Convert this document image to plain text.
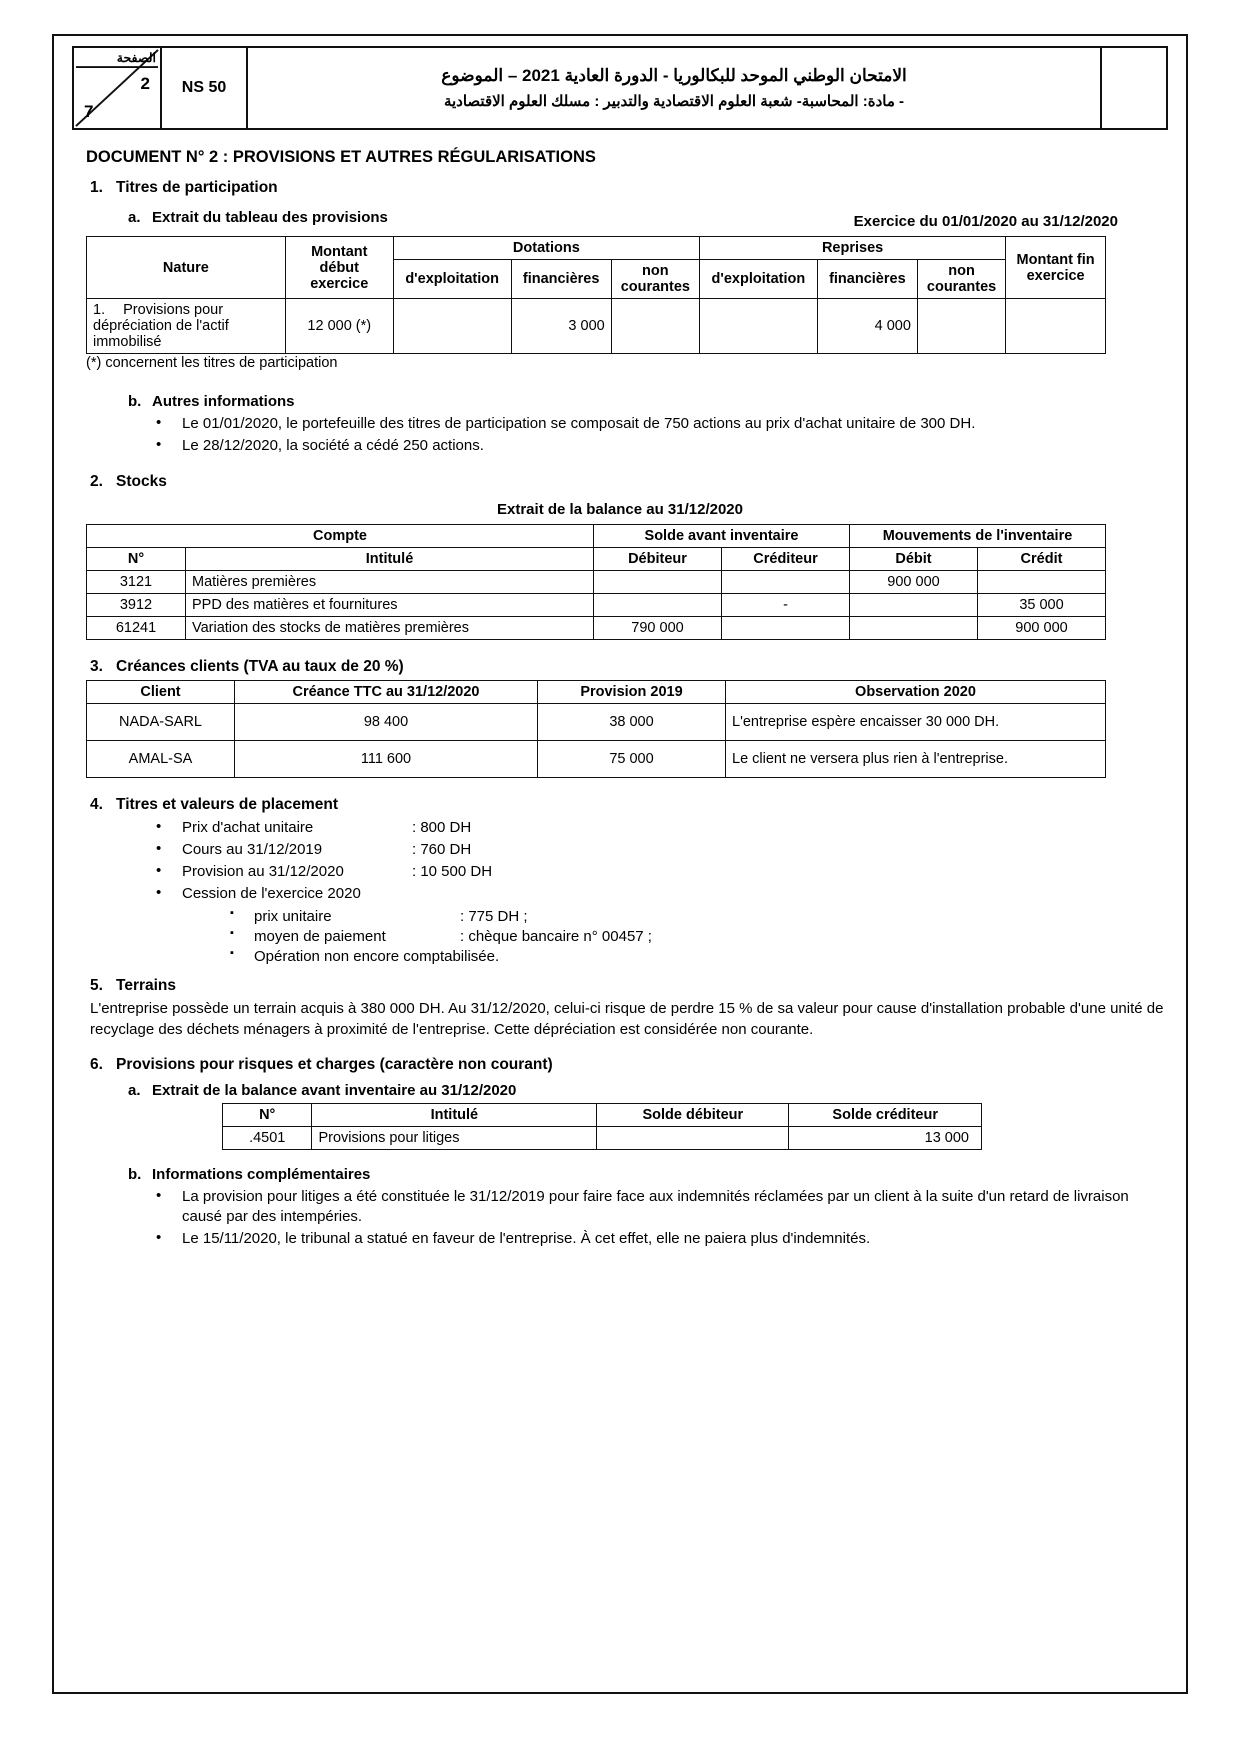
الصفحة
2
7
NS 50
الامتحان الوطني الموحد للبكالوريا - الدورة العادية 2021 – الموضوع
- مادة: المحاسبة- شعبة العلوم الاقتصادية والتدبير : مسلك العلوم الاقتصادية
DOCUMENT N° 2 : PROVISIONS ET AUTRES RÉGULARISATIONS
1. Titres de participation
a. Extrait du tableau des provisions	Exercice du 01/01/2020 au 31/12/2020
Nature	Montant début exercice	Dotations			Reprises			Montant fin exercice
		d'exploitation	financières	non courantes	d'exploitation	financières	non courantes	
1. Provisions pour dépréciation de l'actif immobilisé	12 000 (*)		3 000			4 000		
(*) concernent les titres de participation
b. Autres informations
• Le 01/01/2020, le portefeuille des titres de participation se composait de 750 actions au prix d'achat unitaire de 300 DH.
• Le 28/12/2020, la société a cédé 250 actions.
2. Stocks
Extrait de la balance au 31/12/2020
Compte		Solde avant inventaire		Mouvements de l'inventaire	
N°	Intitulé	Débiteur	Créditeur	Débit	Crédit
3121	Matières premières			900 000	
3912	PPD des matières et fournitures		-		35 000
61241	Variation des stocks de matières premières	790 000			900 000
3. Créances clients (TVA au taux de 20 %)
Client	Créance TTC au 31/12/2020	Provision 2019	Observation 2020
NADA-SARL	98 400	38 000	L'entreprise espère encaisser 30 000 DH.
AMAL-SA	111 600	75 000	Le client ne versera plus rien à l'entreprise.
4. Titres et valeurs de placement
• Prix d'achat unitaire	: 800 DH
• Cours au 31/12/2019	: 760 DH
• Provision au 31/12/2020	: 10 500 DH
• Cession de l'exercice 2020
▪ prix unitaire	: 775 DH ;
▪ moyen de paiement	: chèque bancaire n° 00457 ;
▪ Opération non encore comptabilisée.
5. Terrains
L'entreprise possède un terrain acquis à 380 000 DH. Au 31/12/2020, celui-ci risque de perdre 15 % de sa valeur pour cause d'installation probable d'une unité de recyclage des déchets ménagers à proximité de l'entreprise. Cette dépréciation est considérée non courante.
6. Provisions pour risques et charges (caractère non courant)
a. Extrait de la balance avant inventaire au 31/12/2020
N°	Intitulé	Solde débiteur	Solde créditeur
.4501	Provisions pour litiges		13 000
b. Informations complémentaires
• La provision pour litiges a été constituée le 31/12/2019 pour faire face aux indemnités réclamées par un client à la suite d'un retard de livraison causé par des intempéries.
• Le 15/11/2020, le tribunal a statué en faveur de l'entreprise. À cet effet, elle ne paiera plus d'indemnités.
